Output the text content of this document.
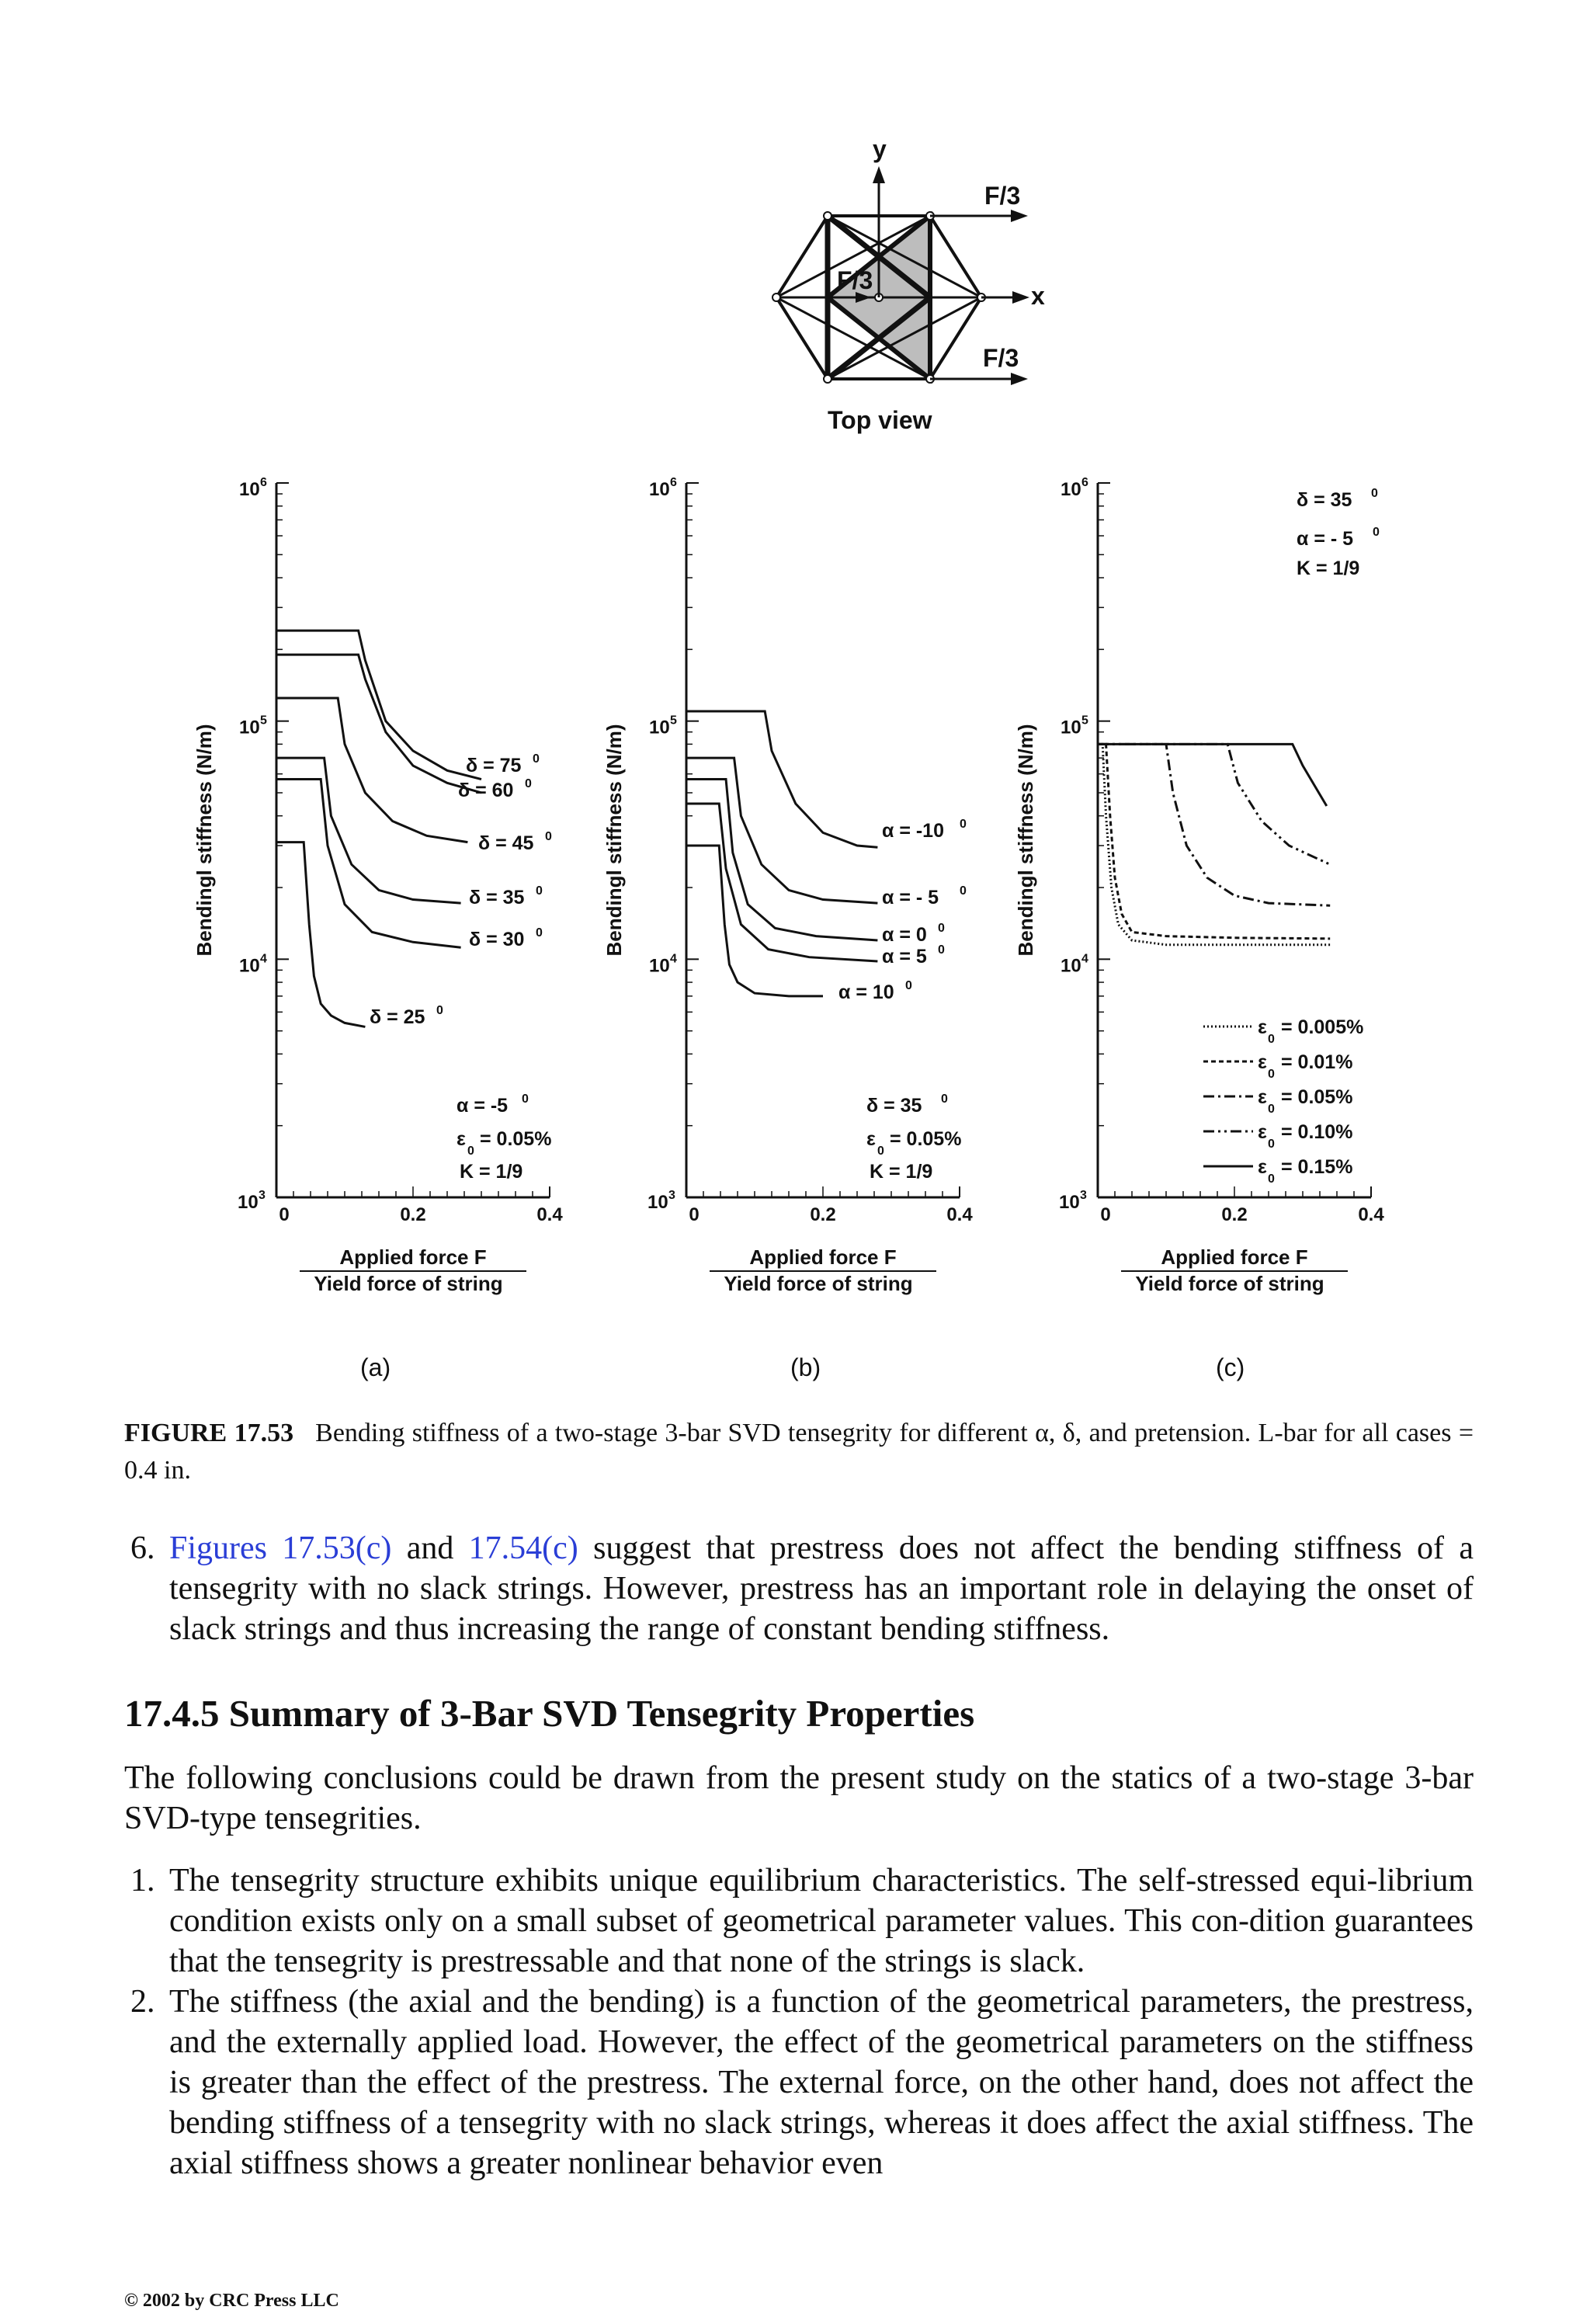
y
x
F/3
F/3
F/3
Top view
10 3
10 4
10 5
10 6
0	0.2	0.4
Bendingl stiffness (N/m)
Applied force F
Yield force of string
δ = 75 0
δ = 60 0
δ = 45 0
δ = 35 0
δ = 30 0
δ = 25 0
α = -5 0
ε
0
= 0.05%
K = 1/9
10 3
10 4
10 5
10 6
0	0.2	0.4
Bendingl stiffness (N/m)
Applied force F
Yield force of string
α = -10 0
α = - 5 0
α = 0 0
α = 5 0
α = 10 0
δ = 35 0
ε
0
= 0.05%
K = 1/9
10 3
10 4
10 5
10 6
0	0.2	0.4
Bendingl stiffness (N/m)
Applied force F
Yield force of string
δ = 35 0
α = - 5 0
K = 1/9
ε
0
= 0.005%
ε
0
= 0.01%
ε
0
= 0.05%
ε
0
= 0.10%
ε
0
= 0.15%
(a)	(b)	(c)
FIGURE 17.53 Bending stiffness of a two-stage 3-bar SVD tensegrity for different α, δ, and pretension. L-bar for all cases = 0.4 in.
6. Figures 17.53(c) and 17.54(c) suggest that prestress does not affect the bending stiffness of a tensegrity with no slack strings. However, prestress has an important role in delaying the onset of slack strings and thus increasing the range of constant bending stiffness.
17.4.5 Summary of 3-Bar SVD Tensegrity Properties
The following conclusions could be drawn from the present study on the statics of a two-stage 3-bar SVD-type tensegrities.
1. The tensegrity structure exhibits unique equilibrium characteristics. The self-stressed equi-librium condition exists only on a small subset of geometrical parameter values. This con-dition guarantees that the tensegrity is prestressable and that none of the strings is slack.
2. The stiffness (the axial and the bending) is a function of the geometrical parameters, the prestress, and the externally applied load. However, the effect of the geometrical parameters on the stiffness is greater than the effect of the prestress. The external force, on the other hand, does not affect the bending stiffness of a tensegrity with no slack strings, whereas it does affect the axial stiffness. The axial stiffness shows a greater nonlinear behavior even
© 2002 by CRC Press LLC
